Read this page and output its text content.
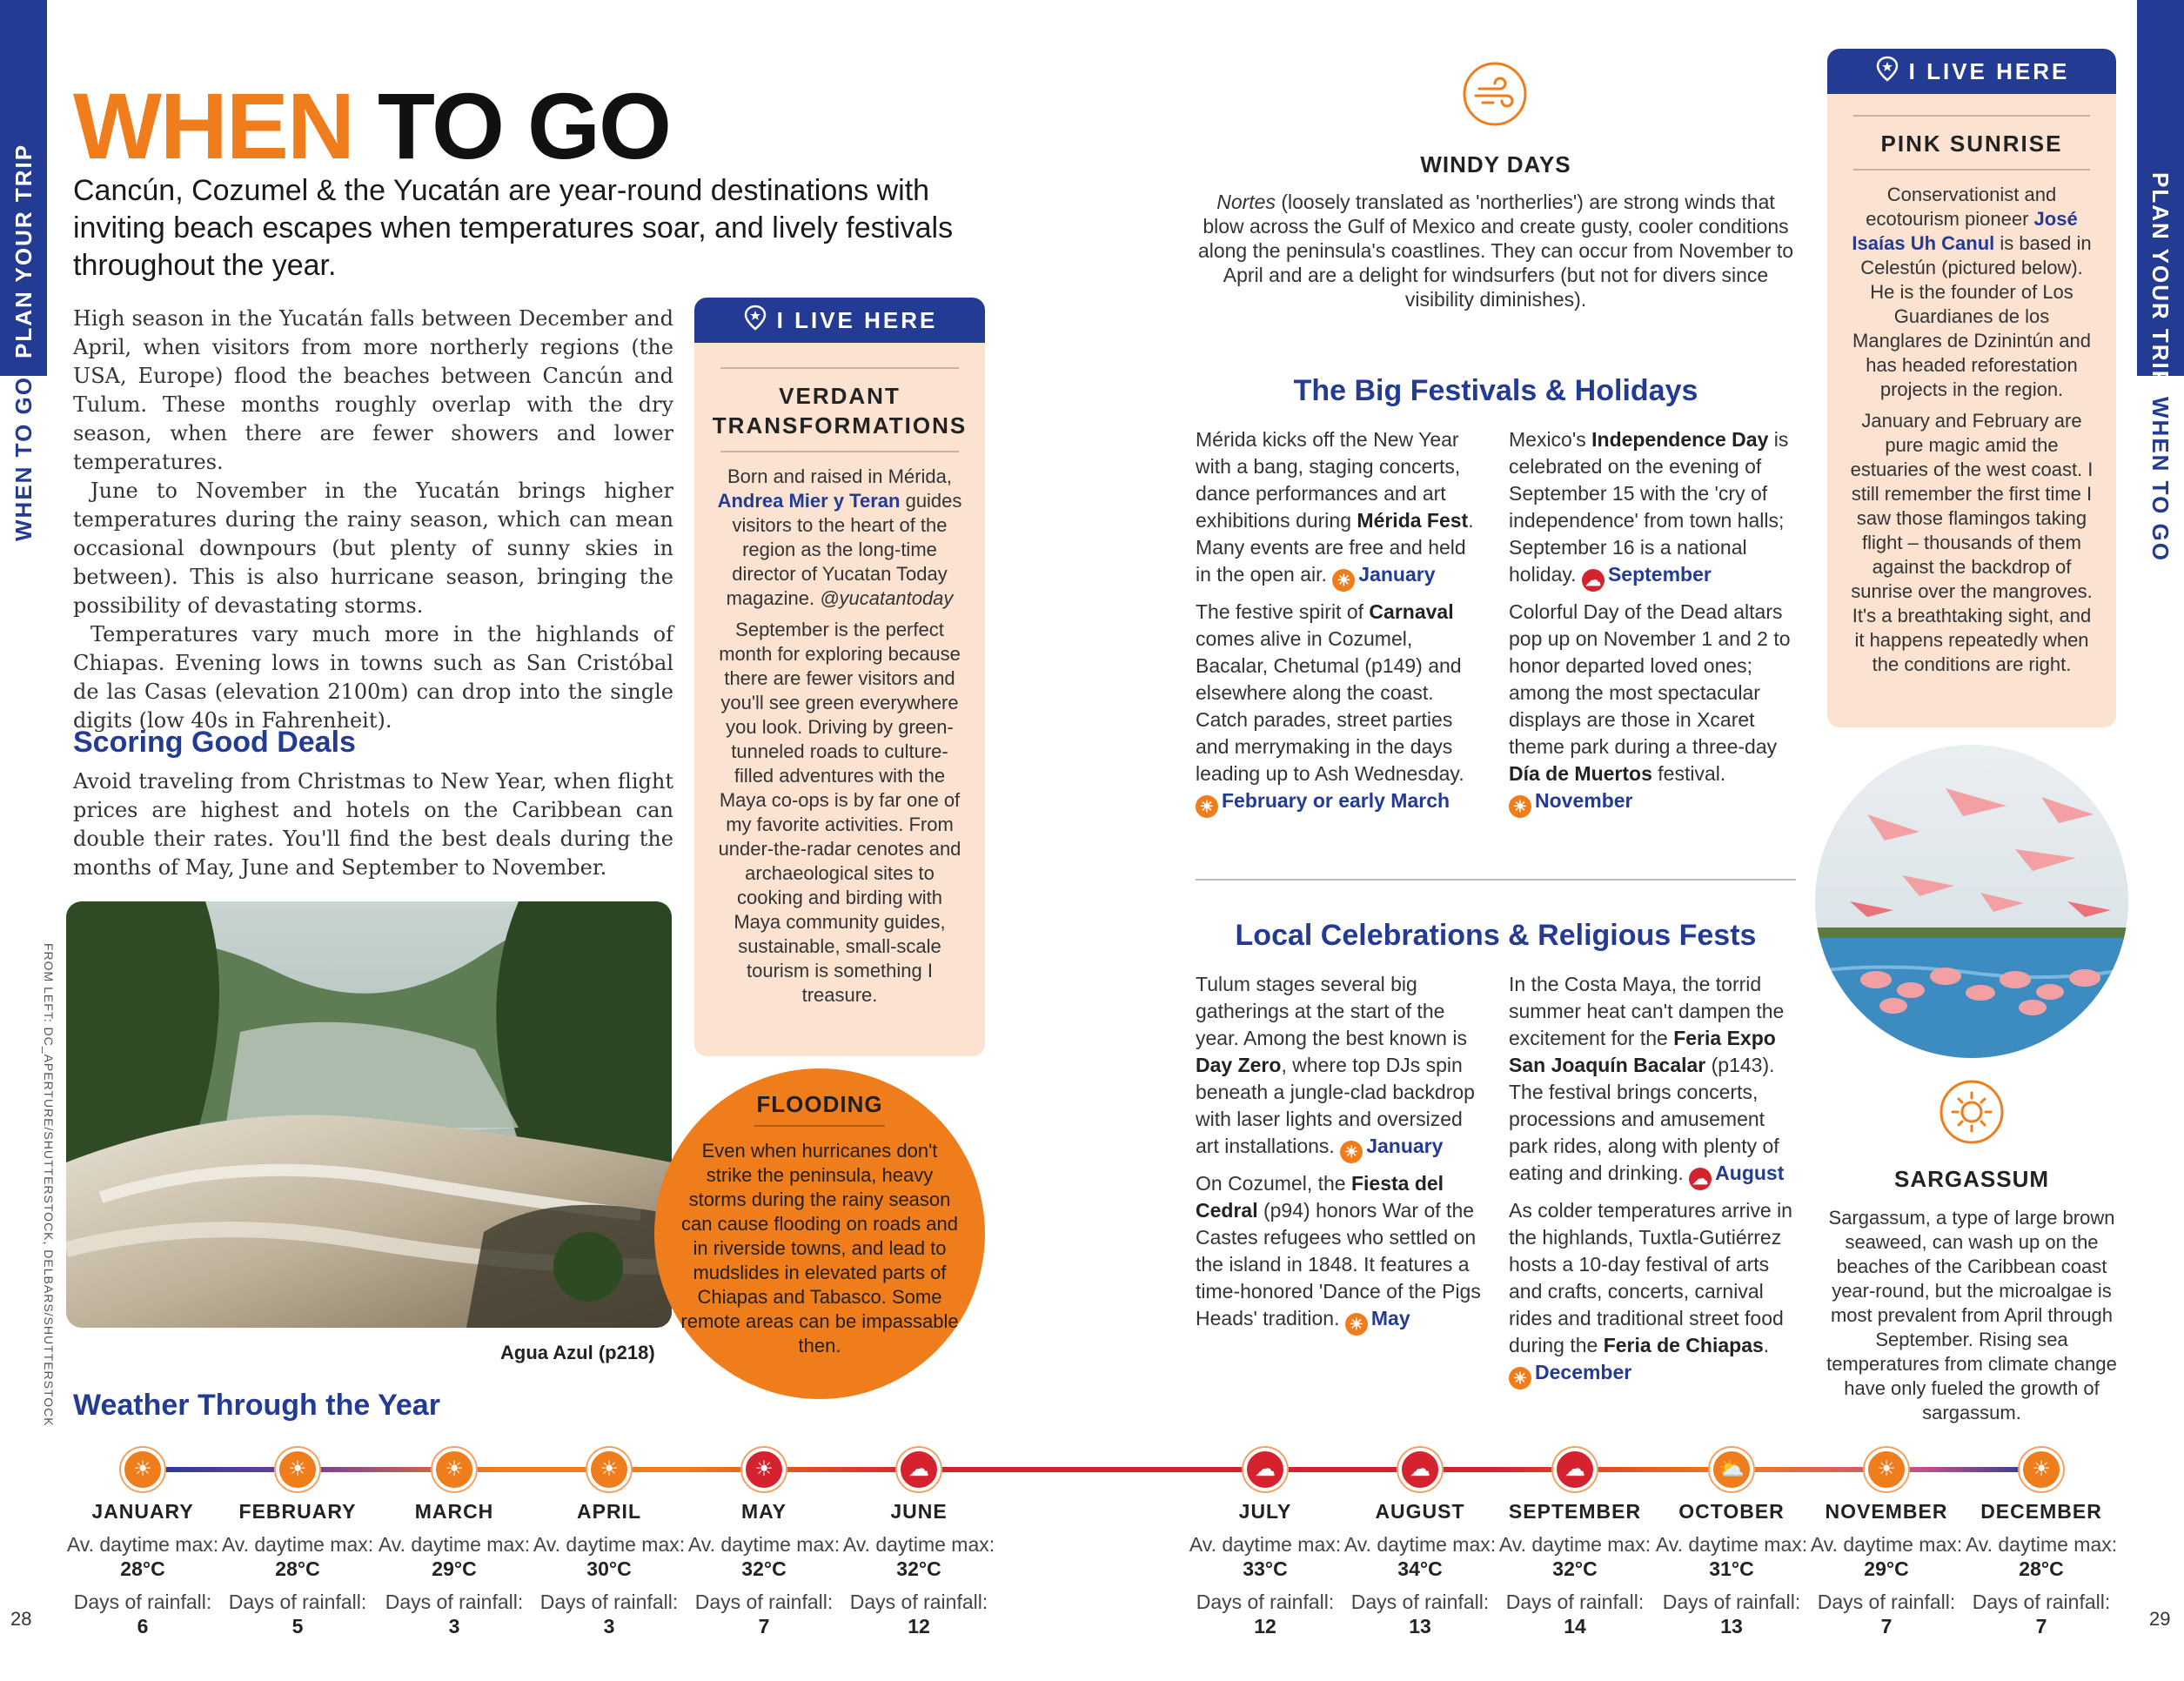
PLAN YOUR TRIP
WHEN TO GO
PLAN YOUR TRIP
WHEN TO GO
WHEN TO GO
Cancún, Cozumel & the Yucatán are year-round destinations with inviting beach escapes when temperatures soar, and lively festivals throughout the year.

High season in the Yucatán falls between December and April, when visitors from more northerly regions (the USA, Europe) flood the beaches between Cancún and Tulum. These months roughly overlap with the dry season, when there are fewer showers and lower temperatures.

June to November in the Yucatán brings higher temperatures during the rainy season, which can mean occasional downpours (but plenty of sunny skies in between). This is also hurricane season, bringing the possibility of devastating storms.

Temperatures vary much more in the highlands of Chiapas. Evening lows in towns such as San Cristóbal de las Casas (elevation 2100m) can drop into the single digits (low 40s in Fahrenheit).

Scoring Good Deals

Avoid traveling from Christmas to New Year, when flight prices are highest and hotels on the Caribbean can double their rates. You'll find the best deals during the months of May, June and September to November.

Agua Azul (p218)
FROM LEFT: DC_APERTURE/SHUTTERSTOCK, DELBARS/SHUTTERSTOCK
I LIVE HERE
VERDANT TRANSFORMATIONS

Born and raised in Mérida, Andrea Mier y Teran guides visitors to the heart of the region as the long-time director of Yucatan Today magazine. @yucatantoday

September is the perfect month for exploring because there are fewer visitors and you'll see green everywhere you look. Driving by green-tunneled roads to culture-filled adventures with the Maya co-ops is by far one of my favorite activities. From under-the-radar cenotes and archaeological sites to cooking and birding with Maya community guides, sustainable, small-scale tourism is something I treasure.

FLOODING
Even when hurricanes don't strike the peninsula, heavy storms during the rainy season can cause flooding on roads and in riverside towns, and lead to mudslides in elevated parts of Chiapas and Tabasco. Some remote areas can be impassable then.
WINDY DAYS
Nortes (loosely translated as 'northerlies') are strong winds that blow across the Gulf of Mexico and create gusty, cooler conditions along the peninsula's coastlines. They can occur from November to April and are a delight for windsurfers (but not for divers since visibility diminishes).
The Big Festivals & Holidays

Mérida kicks off the New Year with a bang, staging concerts, dance performances and art exhibitions during Mérida Fest. Many events are free and held in the open air. ☀ January

The festive spirit of Carnaval comes alive in Cozumel, Bacalar, Chetumal (p149) and elsewhere along the coast. Catch parades, street parties and merrymaking in the days leading up to Ash Wednesday. ☀ February or early March

Mexico's Independence Day is celebrated on the evening of September 15 with the 'cry of independence' from town halls; September 16 is a national holiday. ☁ September

Colorful Day of the Dead altars pop up on November 1 and 2 to honor departed loved ones; among the most spectacular displays are those in Xcaret theme park during a three-day Día de Muertos festival. ☀ November

Local Celebrations & Religious Fests

Tulum stages several big gatherings at the start of the year. Among the best known is Day Zero, where top DJs spin beneath a jungle-clad backdrop with laser lights and oversized art installations. ☀ January

On Cozumel, the Fiesta del Cedral (p94) honors War of the Castes refugees who settled on the island in 1848. It features a time-honored 'Dance of the Pigs Heads' tradition. ☀ May

In the Costa Maya, the torrid summer heat can't dampen the excitement for the Feria Expo San Joaquín Bacalar (p143). The festival brings concerts, processions and amusement park rides, along with plenty of eating and drinking. ☁ August

As colder temperatures arrive in the highlands, Tuxtla-Gutiérrez hosts a 10-day festival of arts and crafts, concerts, carnival rides and traditional street food during the Feria de Chiapas. ☀ December

I LIVE HERE
PINK SUNRISE

Conservationist and ecotourism pioneer José Isaías Uh Canul is based in Celestún (pictured below). He is the founder of Los Guardianes de los Manglares de Dzinintún and has headed reforestation projects in the region.

January and February are pure magic amid the estuaries of the west coast. I still remember the first time I saw those flamingos taking flight – thousands of them against the backdrop of sunrise over the mangroves. It's a breathtaking sight, and it happens repeatedly when the conditions are right.

SARGASSUM
Sargassum, a type of large brown seaweed, can wash up on the beaches of the Caribbean coast year-round, but the microalgae is most prevalent from April through September. Rising sea temperatures from climate change have only fueled the growth of sargassum.
Weather Through the Year
☀
JANUARY
Av. daytime max: 28°C
Days of rainfall:
6
☀
FEBRUARY
Av. daytime max: 28°C
Days of rainfall:
5
☀
MARCH
Av. daytime max: 29°C
Days of rainfall:
3
☀
APRIL
Av. daytime max: 30°C
Days of rainfall:
3
☀
MAY
Av. daytime max: 32°C
Days of rainfall:
7
☁
JUNE
Av. daytime max: 32°C
Days of rainfall:
12
☁
JULY
Av. daytime max: 33°C
Days of rainfall:
12
☁
AUGUST
Av. daytime max: 34°C
Days of rainfall:
13
☁
SEPTEMBER
Av. daytime max: 32°C
Days of rainfall:
14
⛅
OCTOBER
Av. daytime max: 31°C
Days of rainfall:
13
☀
NOVEMBER
Av. daytime max: 29°C
Days of rainfall:
7
☀
DECEMBER
Av. daytime max: 28°C
Days of rainfall:
7
28	29
